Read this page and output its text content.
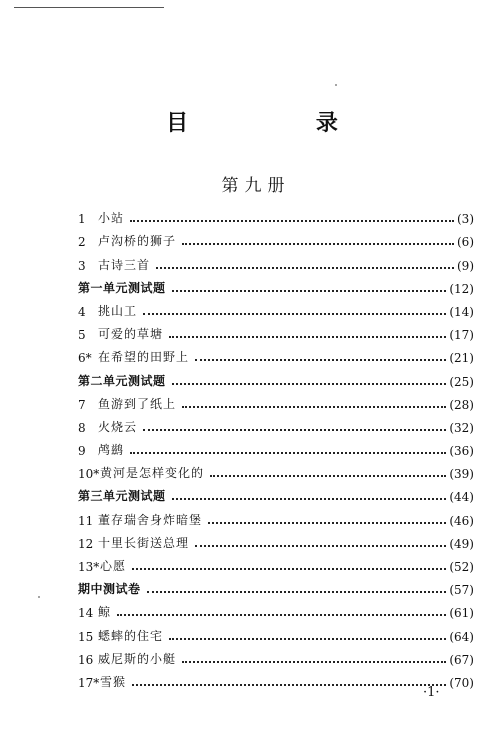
目 录
第九册
1	小站	(3)
2	卢沟桥的狮子	(6)
3	古诗三首	(9)
第一单元测试题	(12)
4	挑山工	(14)
5	可爱的草塘	(17)
6* 在希望的田野上	(21)
第二单元测试题	(25)
7	鱼游到了纸上	(28)
8	火烧云	(32)
9	鸬鹚	(36)
10* 黄河是怎样变化的	(39)
第三单元测试题	(44)
11 董存瑞舍身炸暗堡	(46)
12 十里长街送总理	(49)
13* 心愿	(52)
期中测试卷	(57)
14 鲸	(61)
15 蟋蟀的住宅	(64)
16 威尼斯的小艇	(67)
17* 雪猴	(70)
·1·
